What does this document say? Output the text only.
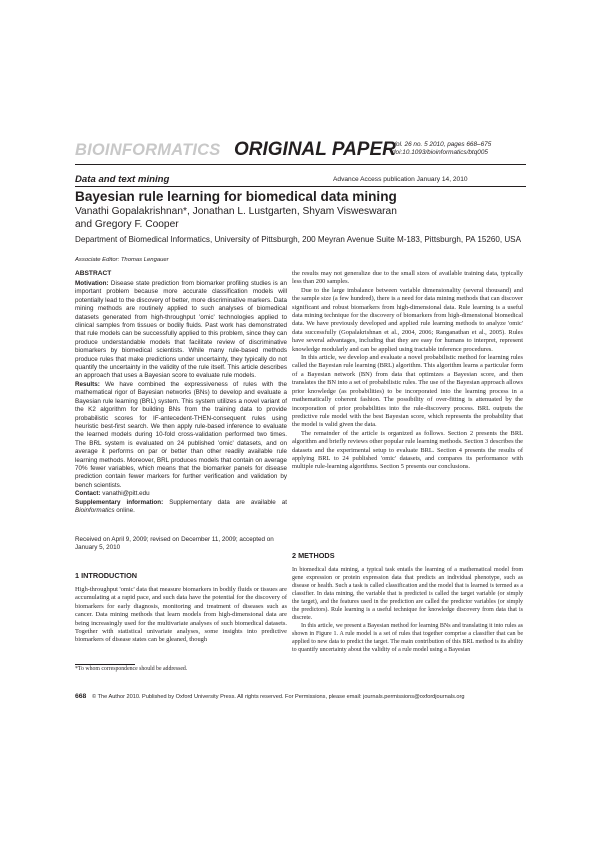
BIOINFORMATICS ORIGINAL PAPER
Vol. 26 no. 5 2010, pages 668–675
doi:10.1093/bioinformatics/btq005
Data and text mining	Advance Access publication January 14, 2010
Bayesian rule learning for biomedical data mining
Vanathi Gopalakrishnan*, Jonathan L. Lustgarten, Shyam Visweswaran
and Gregory F. Cooper
Department of Biomedical Informatics, University of Pittsburgh, 200 Meyran Avenue Suite M-183, Pittsburgh, PA 15260, USA
Associate Editor: Thomas Lengauer
ABSTRACT

Motivation: Disease state prediction from biomarker profiling studies is an important problem because more accurate classification models will potentially lead to the discovery of better, more discriminative markers. Data mining methods are routinely applied to such analyses of biomedical datasets generated from high-throughput 'omic' technologies applied to clinical samples from tissues or bodily fluids. Past work has demonstrated that rule models can be successfully applied to this problem, since they can produce understandable models that facilitate review of discriminative biomarkers by biomedical scientists. While many rule-based methods produce rules that make predictions under uncertainty, they typically do not quantify the uncertainty in the validity of the rule itself. This article describes an approach that uses a Bayesian score to evaluate rule models.

Results: We have combined the expressiveness of rules with the mathematical rigor of Bayesian networks (BNs) to develop and evaluate a Bayesian rule learning (BRL) system. This system utilizes a novel variant of the K2 algorithm for building BNs from the training data to provide probabilistic scores for IF-antecedent-THEN-consequent rules using heuristic best-first search. We then apply rule-based inference to evaluate the learned models during 10-fold cross-validation performed two times. The BRL system is evaluated on 24 published 'omic' datasets, and on average it performs on par or better than other readily available rule learning methods. Moreover, BRL produces models that contain on average 70% fewer variables, which means that the biomarker panels for disease prediction contain fewer markers for further verification and validation by bench scientists.

Contact: vanathi@pitt.edu

Supplementary information: Supplementary data are available at Bioinformatics online.

Received on April 9, 2009; revised on December 11, 2009; accepted on January 5, 2010
1 INTRODUCTION
High-throughput 'omic' data that measure biomarkers in bodily fluids or tissues are accumulating at a rapid pace, and such data have the potential for the discovery of biomarkers for early diagnosis, monitoring and treatment of diseases such as cancer. Data mining methods that learn models from high-dimensional data are being increasingly used for the multivariate analyses of such biomedical datasets. Together with statistical univariate analyses, some insights into predictive biomarkers of disease states can be gleaned, though
*To whom correspondence should be addressed.

the results may not generalize due to the small sizes of available training data, typically less than 200 samples.

Due to the large imbalance between variable dimensionality (several thousand) and the sample size (a few hundred), there is a need for data mining methods that can discover significant and robust biomarkers from high-dimensional data. Rule learning is a useful data mining technique for the discovery of biomarkers from high-dimensional biomedical data. We have previously developed and applied rule learning methods to analyze 'omic' data successfully (Gopalakrishnan et al., 2004, 2006; Ranganathan et al., 2005). Rules have several advantages, including that they are easy for humans to interpret, represent knowledge modularly and can be applied using tractable inference procedures.

In this article, we develop and evaluate a novel probabilistic method for learning rules called the Bayesian rule learning (BRL) algorithm. This algorithm learns a particular form of a Bayesian network (BN) from data that optimizes a Bayesian score, and then translates the BN into a set of probabilistic rules. The use of the Bayesian approach allows prior knowledge (as probabilities) to be incorporated into the learning process in a mathematically coherent fashion. The possibility of over-fitting is attenuated by the incorporation of prior probabilities into the rule-discovery process. BRL outputs the predictive rule model with the best Bayesian score, which represents the probability that the model is valid given the data.

The remainder of the article is organized as follows. Section 2 presents the BRL algorithm and briefly reviews other popular rule learning methods. Section 3 describes the datasets and the experimental setup to evaluate BRL. Section 4 presents the results of applying BRL to 24 published 'omic' datasets, and compares its performance with multiple rule-learning algorithms. Section 5 presents our conclusions.

2 METHODS

In biomedical data mining, a typical task entails the learning of a mathematical model from gene expression or protein expression data that predicts an individual phenotype, such as disease or health. Such a task is called classification and the model that is learned is termed as a classifier. In data mining, the variable that is predicted is called the target variable (or simply the target), and the features used in the prediction are called the predictor variables (or simply the predictors). Rule learning is a useful technique for knowledge discovery from data that is discrete.

In this article, we present a Bayesian method for learning BNs and translating it into rules as shown in Figure 1. A rule model is a set of rules that together comprise a classifier that can be applied to new data to predict the target. The main contribution of this BRL method is its ability to quantify uncertainty about the validity of a rule model using a Bayesian

668 © The Author 2010. Published by Oxford University Press. All rights reserved. For Permissions, please email: journals.permissions@oxfordjournals.org
